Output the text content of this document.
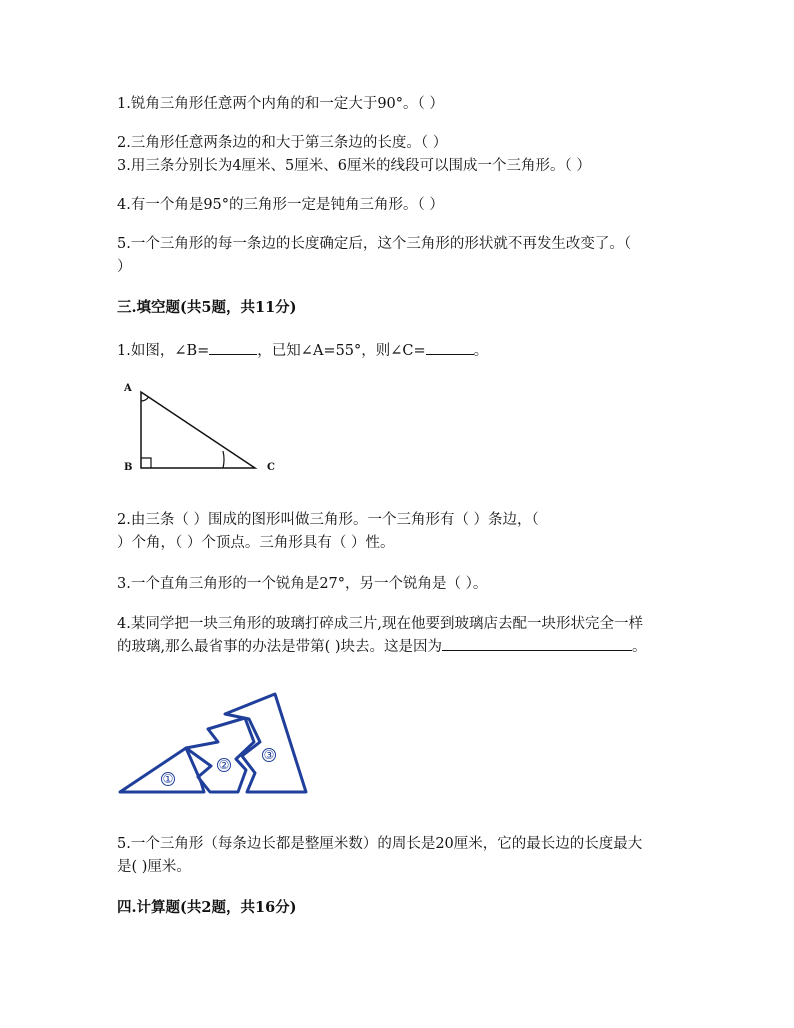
1.锐角三角形任意两个内角的和一定大于90°。（ ）
2.三角形任意两条边的和大于第三条边的长度。（ ）
3.用三条分别长为4厘米、5厘米、6厘米的线段可以围成一个三角形。（ ）
4.有一个角是95°的三角形一定是钝角三角形。（ ）
5.一个三角形的每一条边的长度确定后，这个三角形的形状就不再发生改变了。（
）
三.填空题(共5题，共11分)
1.如图，∠B=	，已知∠A=55°，则∠C=	。
A
B	C
2.由三条（ ）围成的图形叫做三角形。一个三角形有（ ）条边，（
）个角，（ ）个顶点。三角形具有（ ）性。
3.一个直角三角形的一个锐角是27°，另一个锐角是（ ）。
4.某同学把一块三角形的玻璃打碎成三片,现在他要到玻璃店去配一块形状完全一样
的玻璃,那么最省事的办法是带第( )块去。这是因为	。
①
②
③
5.一个三角形（每条边长都是整厘米数）的周长是20厘米，它的最长边的长度最大
是( )厘米。
四.计算题(共2题，共16分)
